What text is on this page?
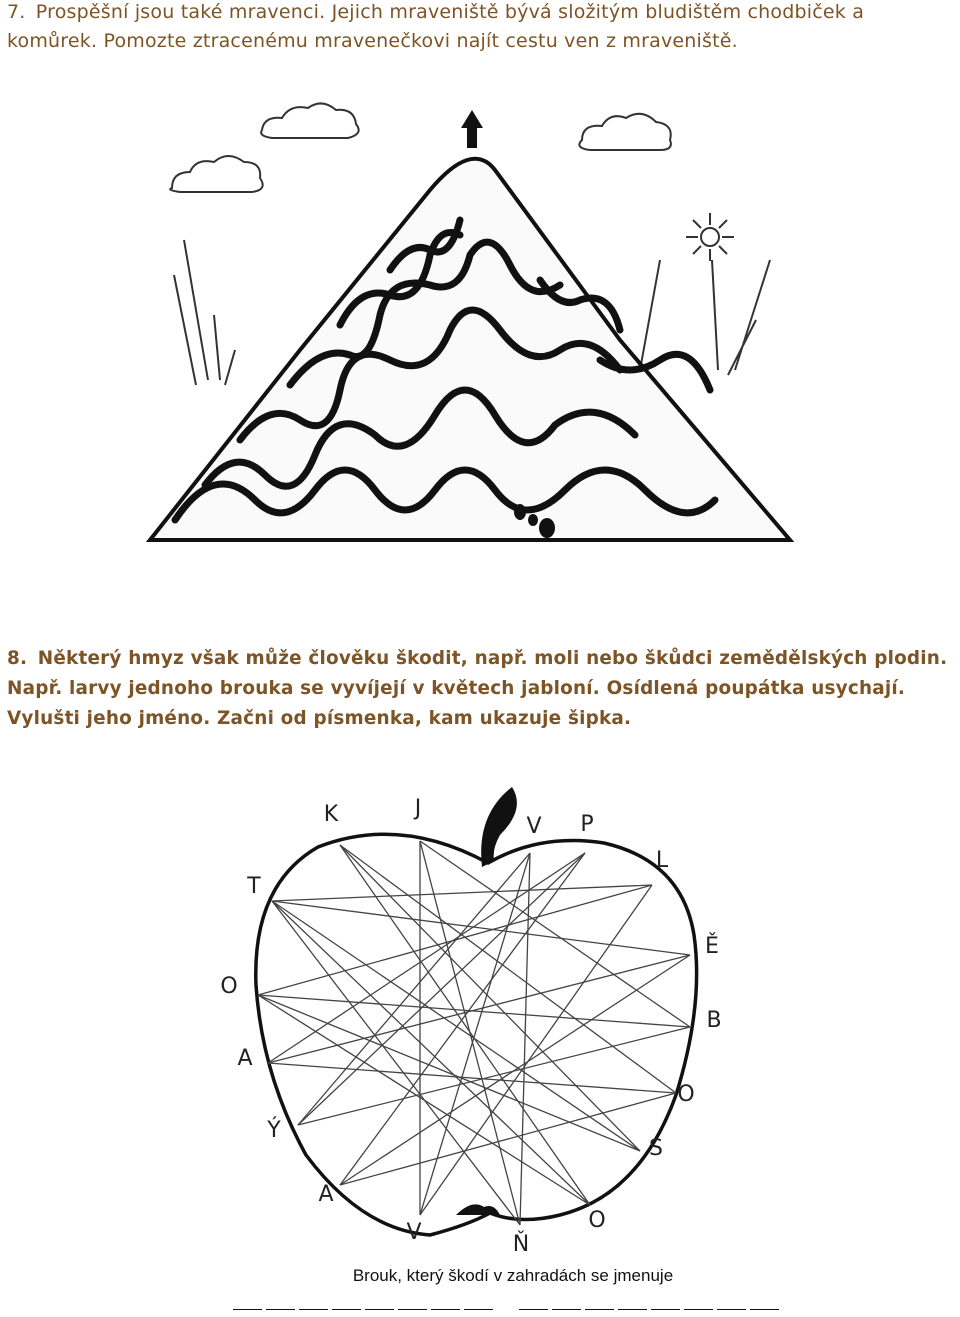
7. Prospěšní jsou také mravenci. Jejich mraveniště bývá složitým bludištěm chodbiček a komůrek. Pomozte ztracenému mravenečkovi najít cestu ven z mraveniště.
8. Některý hmyz však může člověku škodit, např. moli nebo škůdci zemědělských plodin. Např. larvy jednoho brouka se vyvíjejí v květech jabloní. Osídlená poupátka usychají. Vylušti jeho jméno. Začni od písmenka, kam ukazuje šipka.
K	J
V P
L
Ě
B
O
S
O
Ň
V
A
Ý
A
O
T
Brouk, který škodí v zahradách se jmenuje
